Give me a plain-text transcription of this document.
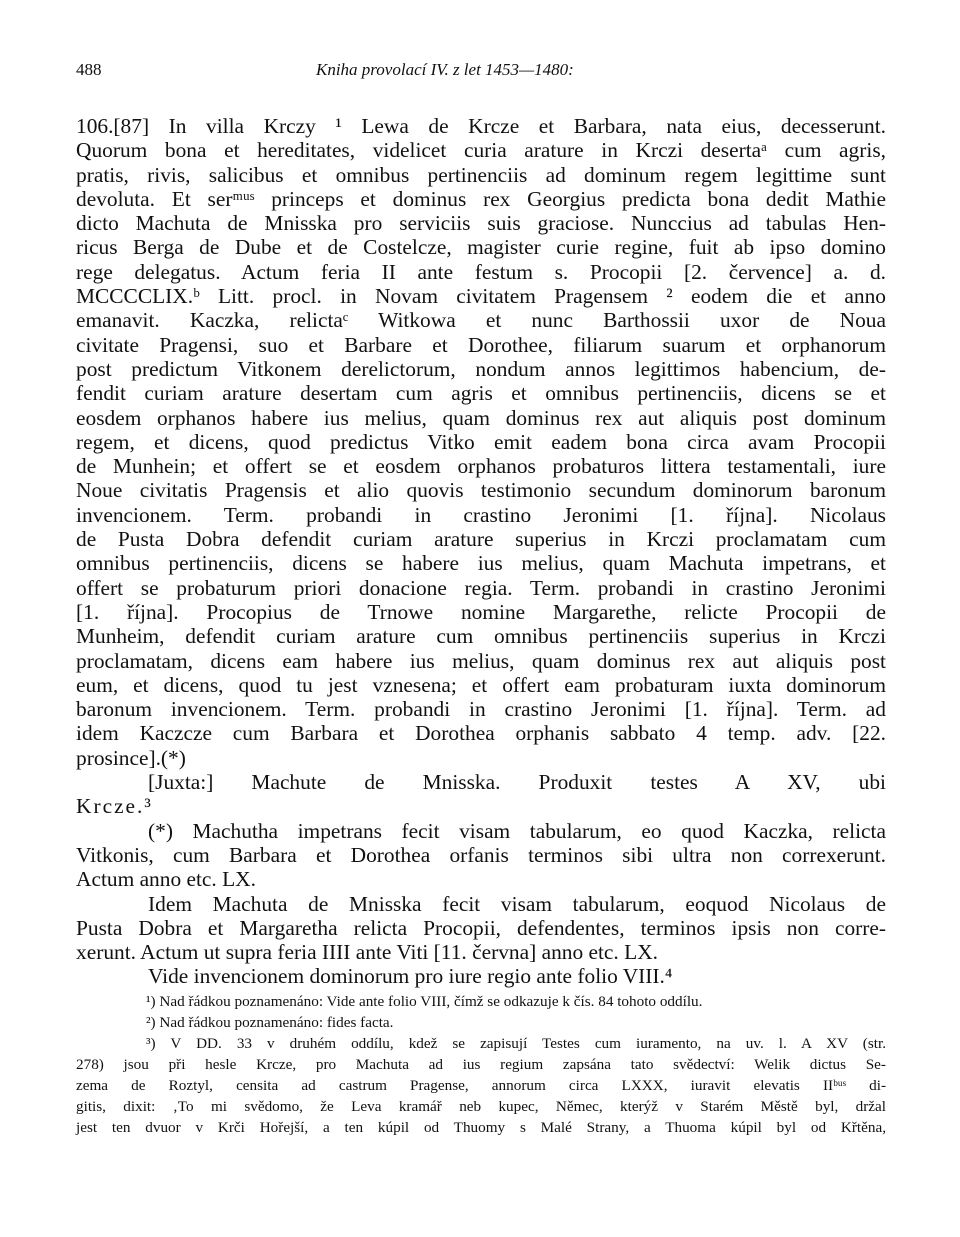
488	Kniha provolací IV. z let 1453—1480:
106.[87] In villa Krczy ¹ Lewa de Krcze et Barbara, nata eius, decesserunt.
Quorum bona et hereditates, videlicet curia arature in Krczi desertaᵃ cum agris,
pratis, rivis, salicibus et omnibus pertinenciis ad dominum regem legittime sunt
devoluta. Et serᵐᵘˢ princeps et dominus rex Georgius predicta bona dedit Mathie
dicto Machuta de Mnisska pro serviciis suis graciose. Nunccius ad tabulas Hen-
ricus Berga de Dube et de Costelcze, magister curie regine, fuit ab ipso domino
rege delegatus. Actum feria II ante festum s. Procopii [2. července] a. d.
MCCCCLIX.ᵇ Litt. procl. in Novam civitatem Pragensem ² eodem die et anno
emanavit. Kaczka, relictaᶜ Witkowa et nunc Barthossii uxor de Noua
civitate Pragensi, suo et Barbare et Dorothee, filiarum suarum et orphanorum
post predictum Vitkonem derelictorum, nondum annos legittimos habencium, de-
fendit curiam arature desertam cum agris et omnibus pertinenciis, dicens se et
eosdem orphanos habere ius melius, quam dominus rex aut aliquis post dominum
regem, et dicens, quod predictus Vitko emit eadem bona circa avam Procopii
de Munhein; et offert se et eosdem orphanos probaturos littera testamentali, iure
Noue civitatis Pragensis et alio quovis testimonio secundum dominorum baronum
invencionem. Term. probandi in crastino Jeronimi [1. října]. Nicolaus
de Pusta Dobra defendit curiam arature superius in Krczi proclamatam cum
omnibus pertinenciis, dicens se habere ius melius, quam Machuta impetrans, et
offert se probaturum priori donacione regia. Term. probandi in crastino Jeronimi
[1. října]. Procopius de Trnowe nomine Margarethe, relicte Procopii de
Munheim, defendit curiam arature cum omnibus pertinenciis superius in Krczi
proclamatam, dicens eam habere ius melius, quam dominus rex aut aliquis post
eum, et dicens, quod tu jest vznesena; et offert eam probaturam iuxta dominorum
baronum invencionem. Term. probandi in crastino Jeronimi [1. října]. Term. ad
idem Kaczcze cum Barbara et Dorothea orphanis sabbato 4 temp. adv. [22.
prosince].(*)
[Juxta:] Machute de Mnisska. Produxit testes A XV, ubi
Krcze.³
(*) Machutha impetrans fecit visam tabularum, eo quod Kaczka, relicta
Vitkonis, cum Barbara et Dorothea orfanis terminos sibi ultra non correxerunt.
Actum anno etc. LX.
Idem Machuta de Mnisska fecit visam tabularum, eoquod Nicolaus de
Pusta Dobra et Margaretha relicta Procopii, defendentes, terminos ipsis non corre-
xerunt. Actum ut supra feria IIII ante Viti [11. června] anno etc. LX.
Vide invencionem dominorum pro iure regio ante folio VIII.⁴
¹) Nad řádkou poznamenáno: Vide ante folio VIII, čímž se odkazuje k čís. 84 tohoto oddílu.
²) Nad řádkou poznamenáno: fides facta.
³) V DD. 33 v druhém oddílu, kdež se zapisují Testes cum iuramento, na uv. l. A XV (str.
278) jsou při hesle Krcze, pro Machuta ad ius regium zapsána tato svědectví: Welik dictus Se-
zema de Roztyl, censita ad castrum Pragense, annorum circa LXXX, iuravit elevatis IIᵇᵘˢ di-
gitis, dixit: ‚To mi svědomo, že Leva kramář neb kupec, Němec, kterýž v Starém Městě byl, držal
jest ten dvuor v Krči Hořejší, a ten kúpil od Thuomy s Malé Strany, a Thuoma kúpil byl od Křtěna,
